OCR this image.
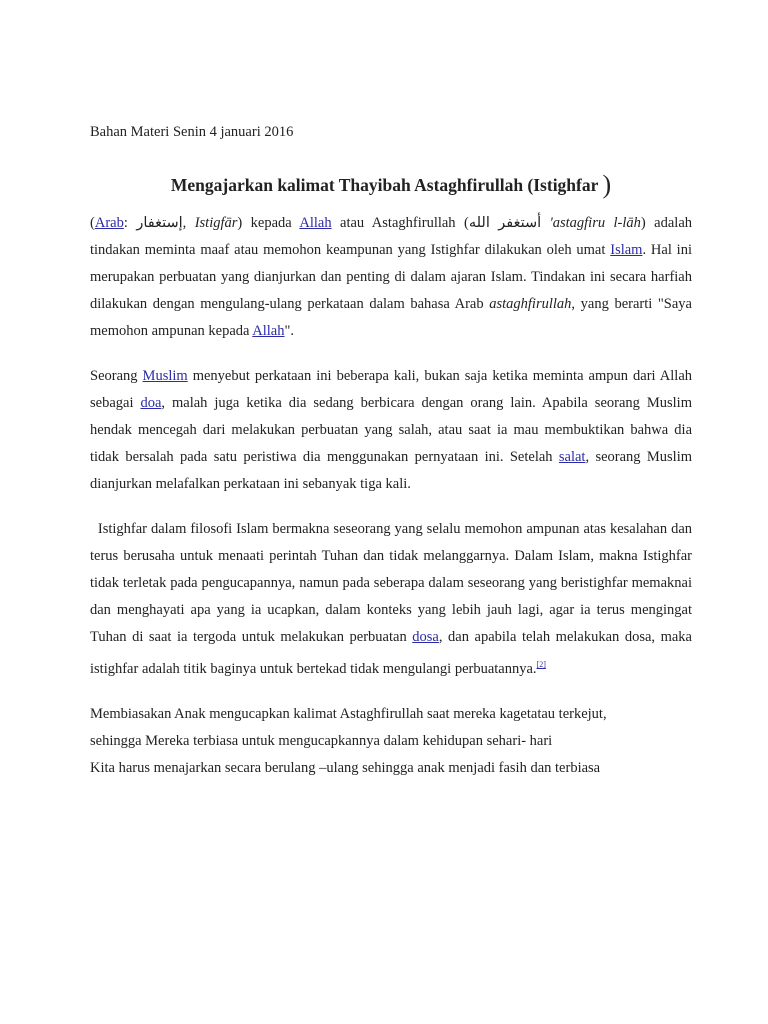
Bahan Materi Senin 4 januari 2016

Mengajarkan kalimat Thayibah Astaghfirullah (Istighfar )

(Arab: إستغفار, Istigfār) kepada Allah atau Astaghfirullah (أستغفر الله 'astagfiru l-lāh) adalah tindakan meminta maaf atau memohon keampunan yang Istighfar dilakukan oleh umat Islam. Hal ini merupakan perbuatan yang dianjurkan dan penting di dalam ajaran Islam. Tindakan ini secara harfiah dilakukan dengan mengulang-ulang perkataan dalam bahasa Arab astaghfirullah, yang berarti "Saya memohon ampunan kepada Allah".

Seorang Muslim menyebut perkataan ini beberapa kali, bukan saja ketika meminta ampun dari Allah sebagai doa, malah juga ketika dia sedang berbicara dengan orang lain. Apabila seorang Muslim hendak mencegah dari melakukan perbuatan yang salah, atau saat ia mau membuktikan bahwa dia tidak bersalah pada satu peristiwa dia menggunakan pernyataan ini. Setelah salat, seorang Muslim dianjurkan melafalkan perkataan ini sebanyak tiga kali.

Istighfar dalam filosofi Islam bermakna seseorang yang selalu memohon ampunan atas kesalahan dan terus berusaha untuk menaati perintah Tuhan dan tidak melanggarnya. Dalam Islam, makna Istighfar tidak terletak pada pengucapannya, namun pada seberapa dalam seseorang yang beristighfar memaknai dan menghayati apa yang ia ucapkan, dalam konteks yang lebih jauh lagi, agar ia terus mengingat Tuhan di saat ia tergoda untuk melakukan perbuatan dosa, dan apabila telah melakukan dosa, maka istighfar adalah titik baginya untuk bertekad tidak mengulangi perbuatannya.[2]

Membiasakan Anak mengucapkan kalimat Astaghfirullah saat mereka kagetatau terkejut,

sehingga Mereka terbiasa untuk mengucapkannya dalam kehidupan sehari- hari

Kita harus menajarkan secara berulang –ulang sehingga anak menjadi fasih dan terbiasa
